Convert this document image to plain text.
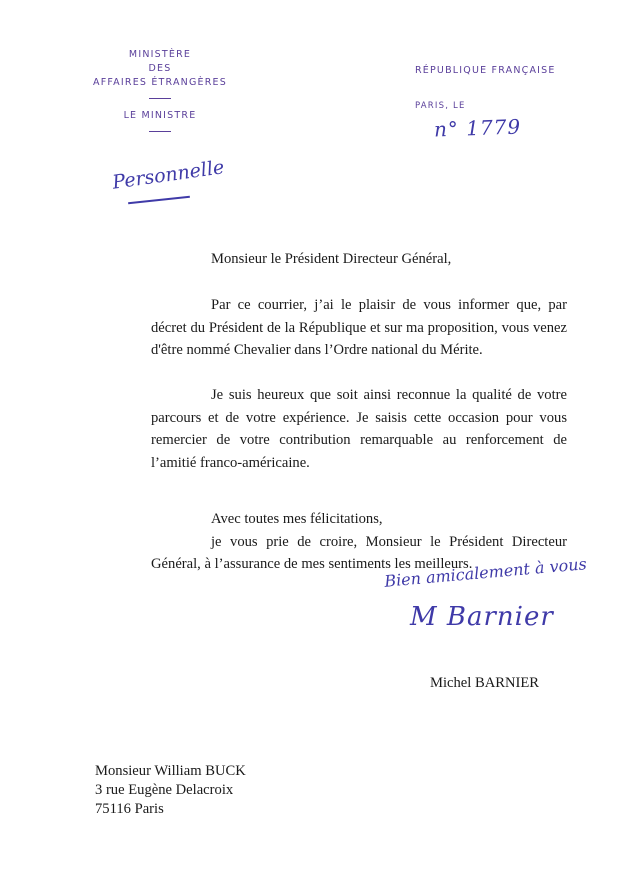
MINISTÈRE
DES
AFFAIRES ÉTRANGÈRES
LE MINISTRE
RÉPUBLIQUE FRANÇAISE
PARIS, LE
n° 1779
Personnelle
Monsieur le Président Directeur Général,
Par ce courrier, j’ai le plaisir de vous informer que, par décret du Président de la République et sur ma proposition, vous venez d'être nommé Chevalier dans l’Ordre national du Mérite.
Je suis heureux que soit ainsi reconnue la qualité de votre parcours et de votre expérience. Je saisis cette occasion pour vous remercier de votre contribution remarquable au renforcement de l’amitié franco-américaine.
Avec toutes mes félicitations,
je vous prie de croire, Monsieur le Président Directeur Général, à l’assurance de mes sentiments les meilleurs.
Bien amicalement à vous
M Barnier
Michel BARNIER
Monsieur William BUCK
3 rue Eugène Delacroix
75116 Paris
